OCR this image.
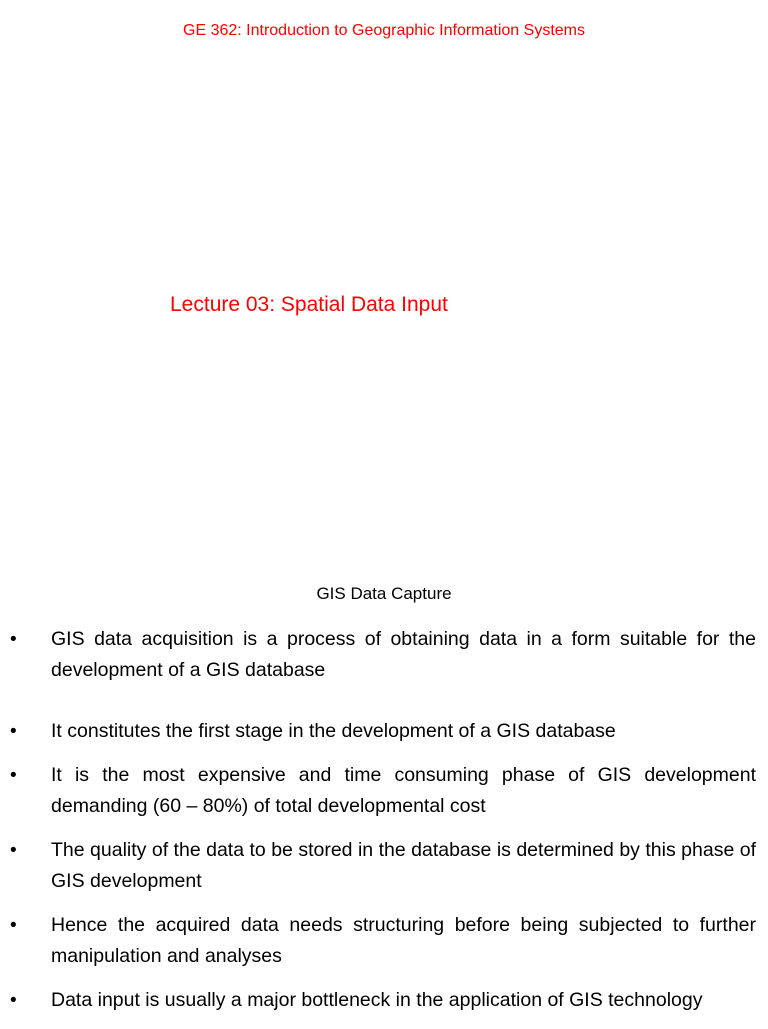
GE 362: Introduction to Geographic Information Systems
Lecture 03: Spatial Data Input
GIS Data Capture
• GIS data acquisition is a process of obtaining data in a form suitable for the development of a GIS database
• It constitutes the first stage in the development of a GIS database
• It is the most expensive and time consuming phase of GIS development demanding (60 – 80%) of total developmental cost
• The quality of the data to be stored in the database is determined by this phase of GIS development
• Hence the acquired data needs structuring before being subjected to further manipulation and analyses
• Data input is usually a major bottleneck in the application of GIS technology
